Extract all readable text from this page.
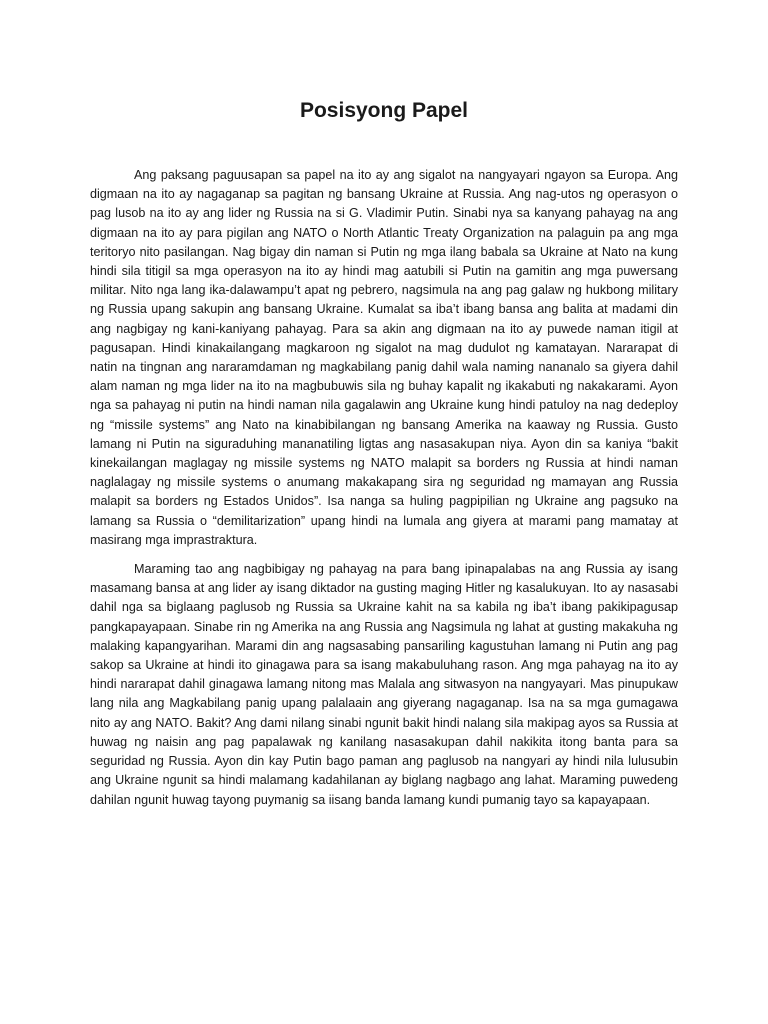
Posisyong Papel

Ang paksang paguusapan sa papel na ito ay ang sigalot na nangyayari ngayon sa Europa. Ang digmaan na ito ay nagaganap sa pagitan ng bansang Ukraine at Russia. Ang nag-utos ng operasyon o pag lusob na ito ay ang lider ng Russia na si G. Vladimir Putin. Sinabi nya sa kanyang pahayag na ang digmaan na ito ay para pigilan ang NATO o North Atlantic Treaty Organization na palaguin pa ang mga teritoryo nito pasilangan. Nag bigay din naman si Putin ng mga ilang babala sa Ukraine at Nato na kung hindi sila titigil sa mga operasyon na ito ay hindi mag aatubili si Putin na gamitin ang mga puwersang militar. Nito nga lang ika-dalawampu’t apat ng pebrero, nagsimula na ang pag galaw ng hukbong military ng Russia upang sakupin ang bansang Ukraine. Kumalat sa iba’t ibang bansa ang balita at madami din ang nagbigay ng kani-kaniyang pahayag. Para sa akin ang digmaan na ito ay puwede naman itigil at pagusapan. Hindi kinakailangang magkaroon ng sigalot na mag dudulot ng kamatayan. Nararapat di natin na tingnan ang nararamdaman ng magkabilang panig dahil wala naming nananalo sa giyera dahil alam naman ng mga lider na ito na magbubuwis sila ng buhay kapalit ng ikakabuti ng nakakarami. Ayon nga sa pahayag ni putin na hindi naman nila gagalawin ang Ukraine kung hindi patuloy na nag dedeploy ng “missile systems” ang Nato na kinabibilangan ng bansang Amerika na kaaway ng Russia. Gusto lamang ni Putin na siguraduhing mananatiling ligtas ang nasasakupan niya. Ayon din sa kaniya “bakit kinekailangan maglagay ng missile systems ng NATO malapit sa borders ng Russia at hindi naman naglalagay ng missile systems o anumang makakapang sira ng seguridad ng mamayan ang Russia malapit sa borders ng Estados Unidos”. Isa nanga sa huling pagpipilian ng Ukraine ang pagsuko na lamang sa Russia o “demilitarization” upang hindi na lumala ang giyera at marami pang mamatay at masirang mga imprastraktura.

Maraming tao ang nagbibigay ng pahayag na para bang ipinapalabas na ang Russia ay isang masamang bansa at ang lider ay isang diktador na gusting maging Hitler ng kasalukuyan. Ito ay nasasabi dahil nga sa biglaang paglusob ng Russia sa Ukraine kahit na sa kabila ng iba’t ibang pakikipagusap pangkapayapaan. Sinabe rin ng Amerika na ang Russia ang Nagsimula ng lahat at gusting makakuha ng malaking kapangyarihan. Marami din ang nagsasabing pansariling kagustuhan lamang ni Putin ang pag sakop sa Ukraine at hindi ito ginagawa para sa isang makabuluhang rason. Ang mga pahayag na ito ay hindi nararapat dahil ginagawa lamang nitong mas Malala ang sitwasyon na nangyayari. Mas pinupukaw lang nila ang Magkabilang panig upang palalaain ang giyerang nagaganap. Isa na sa mga gumagawa nito ay ang NATO. Bakit? Ang dami nilang sinabi ngunit bakit hindi nalang sila makipag ayos sa Russia at huwag ng naisin ang pag papalawak ng kanilang nasasakupan dahil nakikita itong banta para sa seguridad ng Russia. Ayon din kay Putin bago paman ang paglusob na nangyari ay hindi nila lulusubin ang Ukraine ngunit sa hindi malamang kadahilanan ay biglang nagbago ang lahat. Maraming puwedeng dahilan ngunit huwag tayong puymanig sa iisang banda lamang kundi pumanig tayo sa kapayapaan.
